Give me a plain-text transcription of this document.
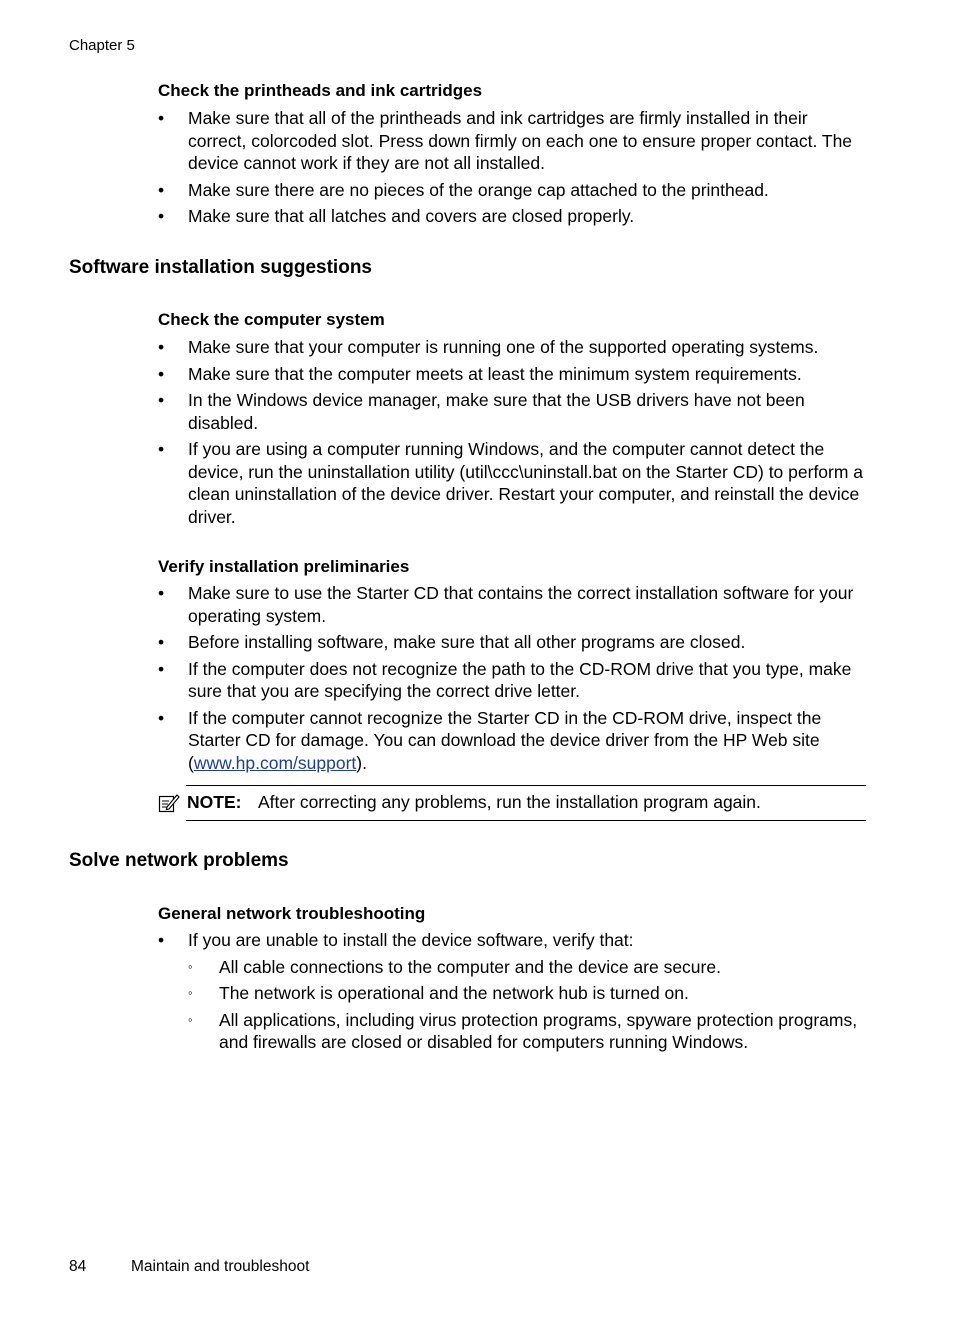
Chapter 5
Check the printheads and ink cartridges
•	Make sure that all of the printheads and ink cartridges are firmly installed in their correct, colorcoded slot. Press down firmly on each one to ensure proper contact. The device cannot work if they are not all installed.
•	Make sure there are no pieces of the orange cap attached to the printhead.
•	Make sure that all latches and covers are closed properly.
Software installation suggestions
Check the computer system
•	Make sure that your computer is running one of the supported operating systems.
•	Make sure that the computer meets at least the minimum system requirements.
•	In the Windows device manager, make sure that the USB drivers have not been disabled.
•	If you are using a computer running Windows, and the computer cannot detect the device, run the uninstallation utility (util\ccc\uninstall.bat on the Starter CD) to perform a clean uninstallation of the device driver. Restart your computer, and reinstall the device driver.
Verify installation preliminaries
•	Make sure to use the Starter CD that contains the correct installation software for your operating system.
•	Before installing software, make sure that all other programs are closed.
•	If the computer does not recognize the path to the CD-ROM drive that you type, make sure that you are specifying the correct drive letter.
•	If the computer cannot recognize the Starter CD in the CD-ROM drive, inspect the Starter CD for damage. You can download the device driver from the HP Web site (www.hp.com/support).
NOTE: After correcting any problems, run the installation program again.
Solve network problems
General network troubleshooting
•	If you are unable to install the device software, verify that:
◦	All cable connections to the computer and the device are secure.
◦	The network is operational and the network hub is turned on.
◦	All applications, including virus protection programs, spyware protection programs, and firewalls are closed or disabled for computers running Windows.
84	Maintain and troubleshoot
